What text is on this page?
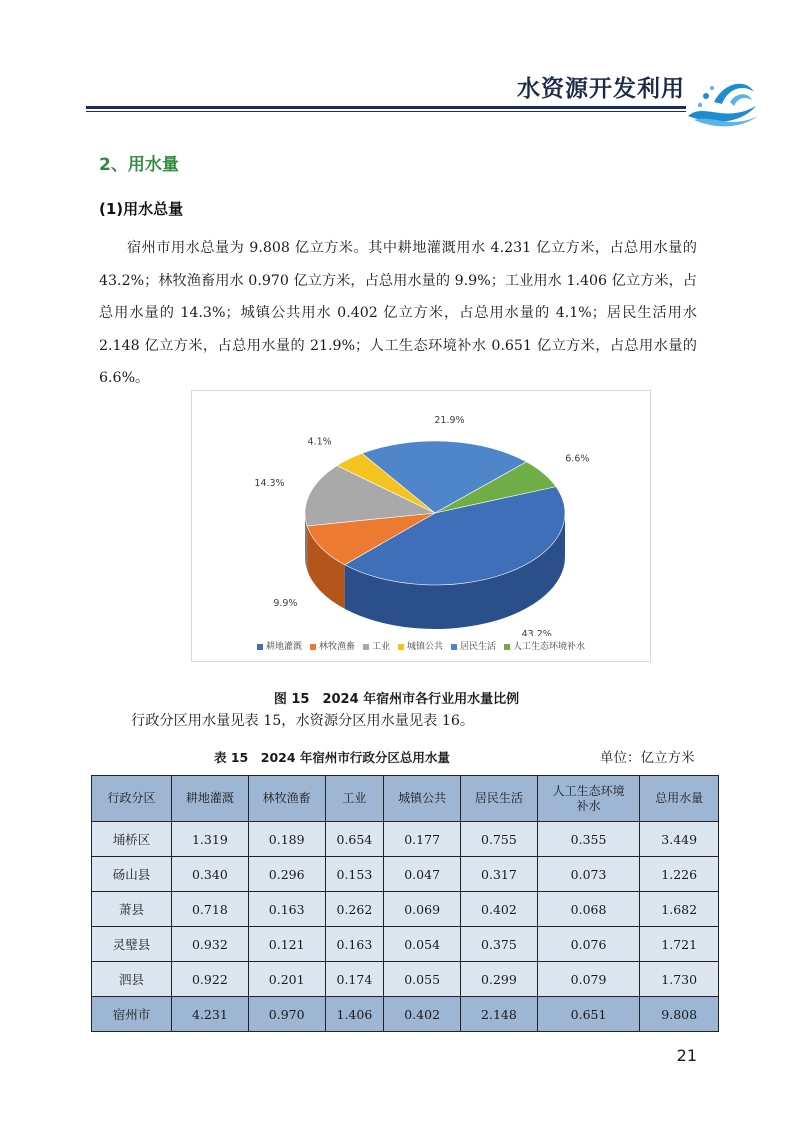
水资源开发利用
2、用水量
(1)用水总量
宿州市用水总量为 9.808 亿立方米。其中耕地灌溉用水 4.231 亿立方米，占总用水量的 43.2%；林牧渔畜用水 0.970 亿立方米，占总用水量的 9.9%；工业用水 1.406 亿立方米，占总用水量的 14.3%；城镇公共用水 0.402 亿立方米，占总用水量的 4.1%；居民生活用水 2.148 亿立方米，占总用水量的 21.9%；人工生态环境补水 0.651 亿立方米，占总用水量的 6.6%。
43.2%
9.9%
14.3%
4.1%
21.9%
6.6%
耕地灌溉 林牧渔畜 工业 城镇公共 居民生活 人工生态环境补水
图 15　2024 年宿州市各行业用水量比例
行政分区用水量见表 15，水资源分区用水量见表 16。
表 15　2024 年宿州市行政分区总用水量	单位：亿立方米
行政分区	耕地灌溉	林牧渔畜	工业	城镇公共	居民生活	人工生态环境补水	总用水量
埇桥区	1.319	0.189	0.654	0.177	0.755	0.355	3.449
砀山县	0.340	0.296	0.153	0.047	0.317	0.073	1.226
萧县	0.718	0.163	0.262	0.069	0.402	0.068	1.682
灵璧县	0.932	0.121	0.163	0.054	0.375	0.076	1.721
泗县	0.922	0.201	0.174	0.055	0.299	0.079	1.730
宿州市	4.231	0.970	1.406	0.402	2.148	0.651	9.808
21
